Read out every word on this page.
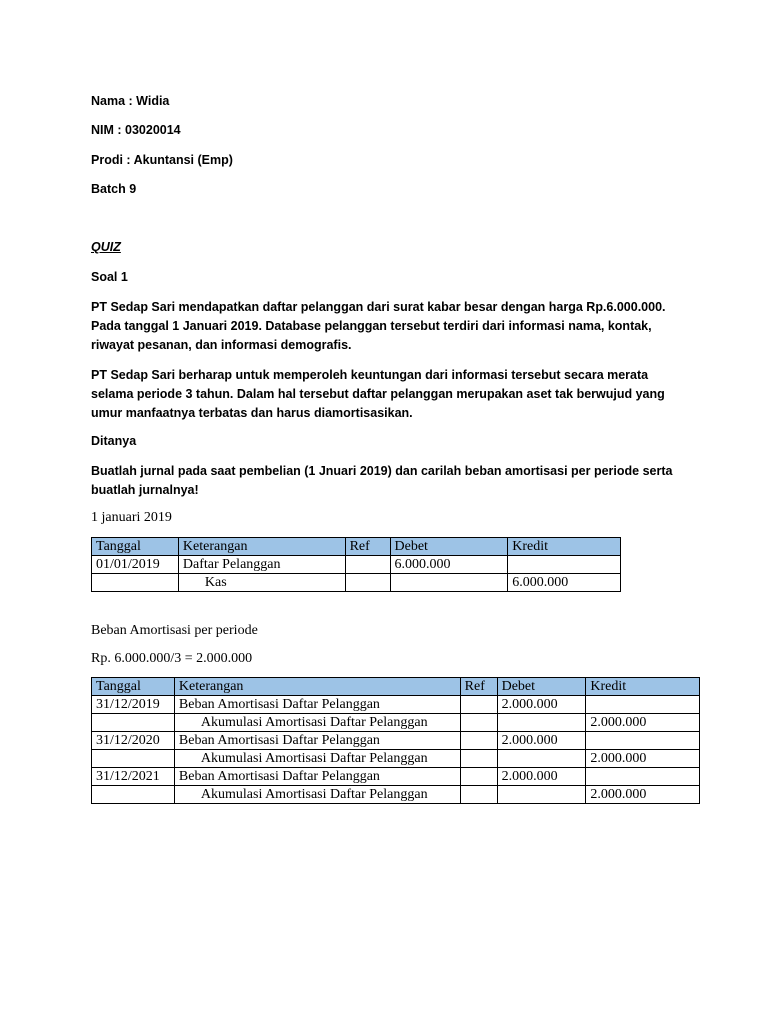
Nama : Widia
NIM : 03020014
Prodi : Akuntansi (Emp)
Batch 9
QUIZ
Soal 1
PT Sedap Sari mendapatkan daftar pelanggan dari surat kabar besar dengan harga Rp.6.000.000. Pada tanggal 1 Januari 2019. Database pelanggan tersebut terdiri dari informasi nama, kontak, riwayat pesanan, dan informasi demografis.
PT Sedap Sari berharap untuk memperoleh keuntungan dari informasi tersebut secara merata selama periode 3 tahun. Dalam hal tersebut daftar pelanggan merupakan aset tak berwujud yang umur manfaatnya terbatas dan harus diamortisasikan.
Ditanya
Buatlah jurnal pada saat pembelian (1 Jnuari 2019) dan carilah beban amortisasi per periode serta buatlah jurnalnya!
1 januari 2019
Tanggal	Keterangan	Ref	Debet	Kredit
01/01/2019	Daftar Pelanggan		6.000.000	
	Kas			6.000.000
Beban Amortisasi per periode
Rp. 6.000.000/3 = 2.000.000
Tanggal	Keterangan	Ref	Debet	Kredit
31/12/2019	Beban Amortisasi Daftar Pelanggan		2.000.000	
	Akumulasi Amortisasi Daftar Pelanggan			2.000.000
31/12/2020	Beban Amortisasi Daftar Pelanggan		2.000.000	
	Akumulasi Amortisasi Daftar Pelanggan			2.000.000
31/12/2021	Beban Amortisasi Daftar Pelanggan		2.000.000	
	Akumulasi Amortisasi Daftar Pelanggan			2.000.000
